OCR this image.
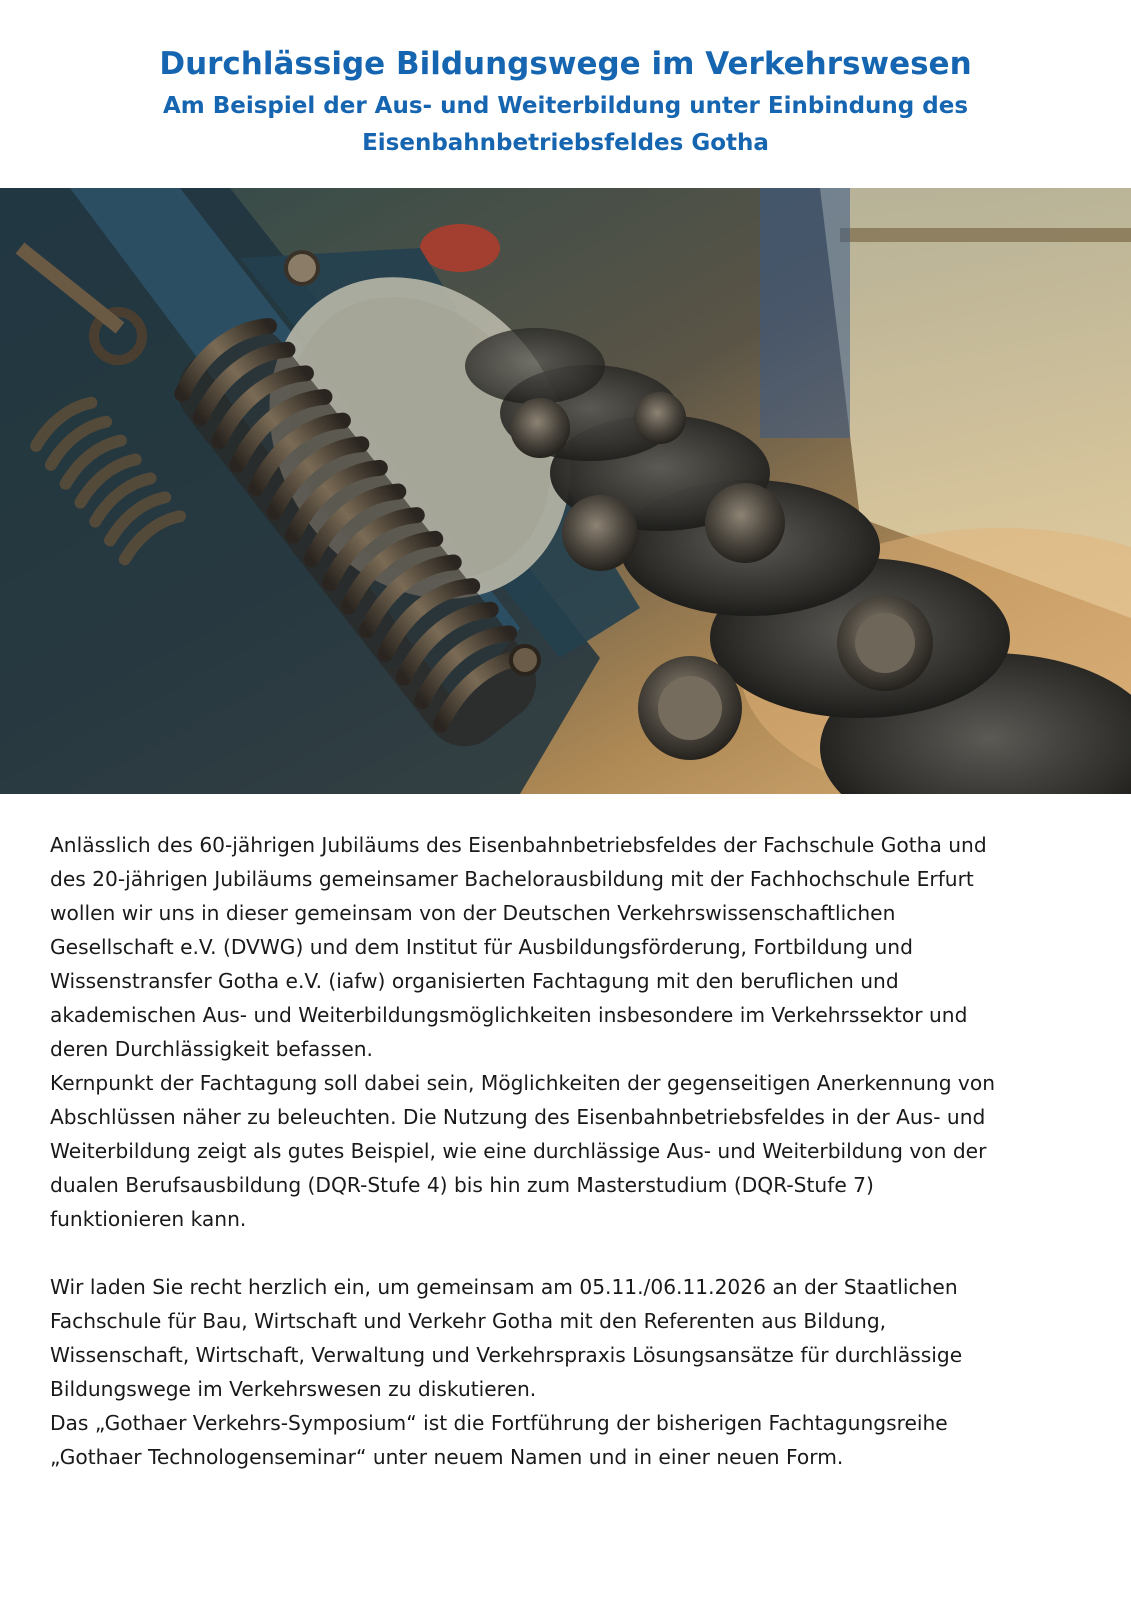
Durchlässige Bildungswege im Verkehrswesen
Am Beispiel der Aus- und Weiterbildung unter Einbindung des
Eisenbahnbetriebsfeldes Gotha

Anlässlich des 60-jährigen Jubiläums des Eisenbahnbetriebsfeldes der Fachschule Gotha und
des 20-jährigen Jubiläums gemeinsamer Bachelorausbildung mit der Fachhochschule Erfurt
wollen wir uns in dieser gemeinsam von der Deutschen Verkehrswissenschaftlichen
Gesellschaft e.V. (DVWG) und dem Institut für Ausbildungsförderung, Fortbildung und
Wissenstransfer Gotha e.V. (iafw) organisierten Fachtagung mit den beruflichen und
akademischen Aus- und Weiterbildungsmöglichkeiten insbesondere im Verkehrssektor und
deren Durchlässigkeit befassen.

Kernpunkt der Fachtagung soll dabei sein, Möglichkeiten der gegenseitigen Anerkennung von
Abschlüssen näher zu beleuchten. Die Nutzung des Eisenbahnbetriebsfeldes in der Aus- und
Weiterbildung zeigt als gutes Beispiel, wie eine durchlässige Aus- und Weiterbildung von der
dualen Berufsausbildung (DQR-Stufe 4) bis hin zum Masterstudium (DQR-Stufe 7)
funktionieren kann.

Wir laden Sie recht herzlich ein, um gemeinsam am 05.11./06.11.2026 an der Staatlichen
Fachschule für Bau, Wirtschaft und Verkehr Gotha mit den Referenten aus Bildung,
Wissenschaft, Wirtschaft, Verwaltung und Verkehrspraxis Lösungsansätze für durchlässige
Bildungswege im Verkehrswesen zu diskutieren.

Das „Gothaer Verkehrs-Symposium“ ist die Fortführung der bisherigen Fachtagungsreihe
„Gothaer Technologenseminar“ unter neuem Namen und in einer neuen Form.
